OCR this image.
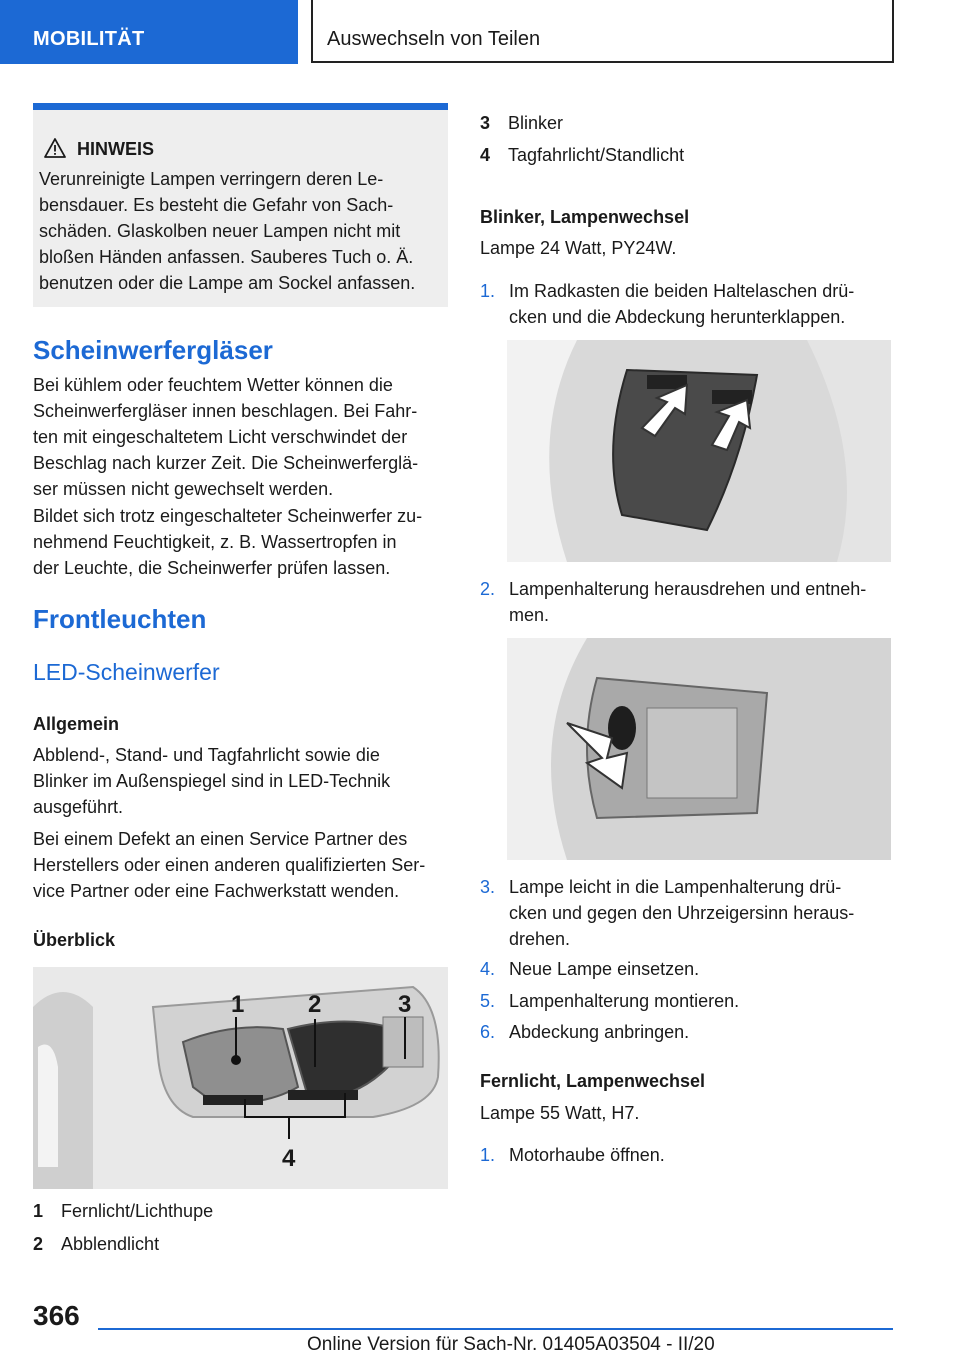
MOBILITÄT	Auswechseln von Teilen
HINWEIS
Verunreinigte Lampen verringern deren Le-
bensdauer. Es besteht die Gefahr von Sach-
schäden. Glaskolben neuer Lampen nicht mit
bloßen Händen anfassen. Sauberes Tuch o. Ä.
benutzen oder die Lampe am Sockel anfassen.
Scheinwerfergläser
Bei kühlem oder feuchtem Wetter können die
Scheinwerfergläser innen beschlagen. Bei Fahr-
ten mit eingeschaltetem Licht verschwindet der
Beschlag nach kurzer Zeit. Die Scheinwerferglä-
ser müssen nicht gewechselt werden.
Bildet sich trotz eingeschalteter Scheinwerfer zu-
nehmend Feuchtigkeit, z. B. Wassertropfen in
der Leuchte, die Scheinwerfer prüfen lassen.
Frontleuchten
LED-Scheinwerfer
Allgemein
Abblend-, Stand- und Tagfahrlicht sowie die
Blinker im Außenspiegel sind in LED-Technik
ausgeführt.
Bei einem Defekt an einen Service Partner des
Herstellers oder einen anderen qualifizierten Ser-
vice Partner oder eine Fachwerkstatt wenden.
Überblick
1	2	3
4
1 Fernlicht/Lichthupe
2 Abblendlicht
3 Blinker
4 Tagfahrlicht/Standlicht
Blinker, Lampenwechsel
Lampe 24 Watt, PY24W.
1. Im Radkasten die beiden Haltelaschen drü-
cken und die Abdeckung herunterklappen.
2. Lampenhalterung herausdrehen und entneh-
men.
3. Lampe leicht in die Lampenhalterung drü-
cken und gegen den Uhrzeigersinn heraus-
drehen.
4. Neue Lampe einsetzen.
5. Lampenhalterung montieren.
6. Abdeckung anbringen.
Fernlicht, Lampenwechsel
Lampe 55 Watt, H7.
1. Motorhaube öffnen.
366
Online Version für Sach-Nr. 01405A03504 - II/20
